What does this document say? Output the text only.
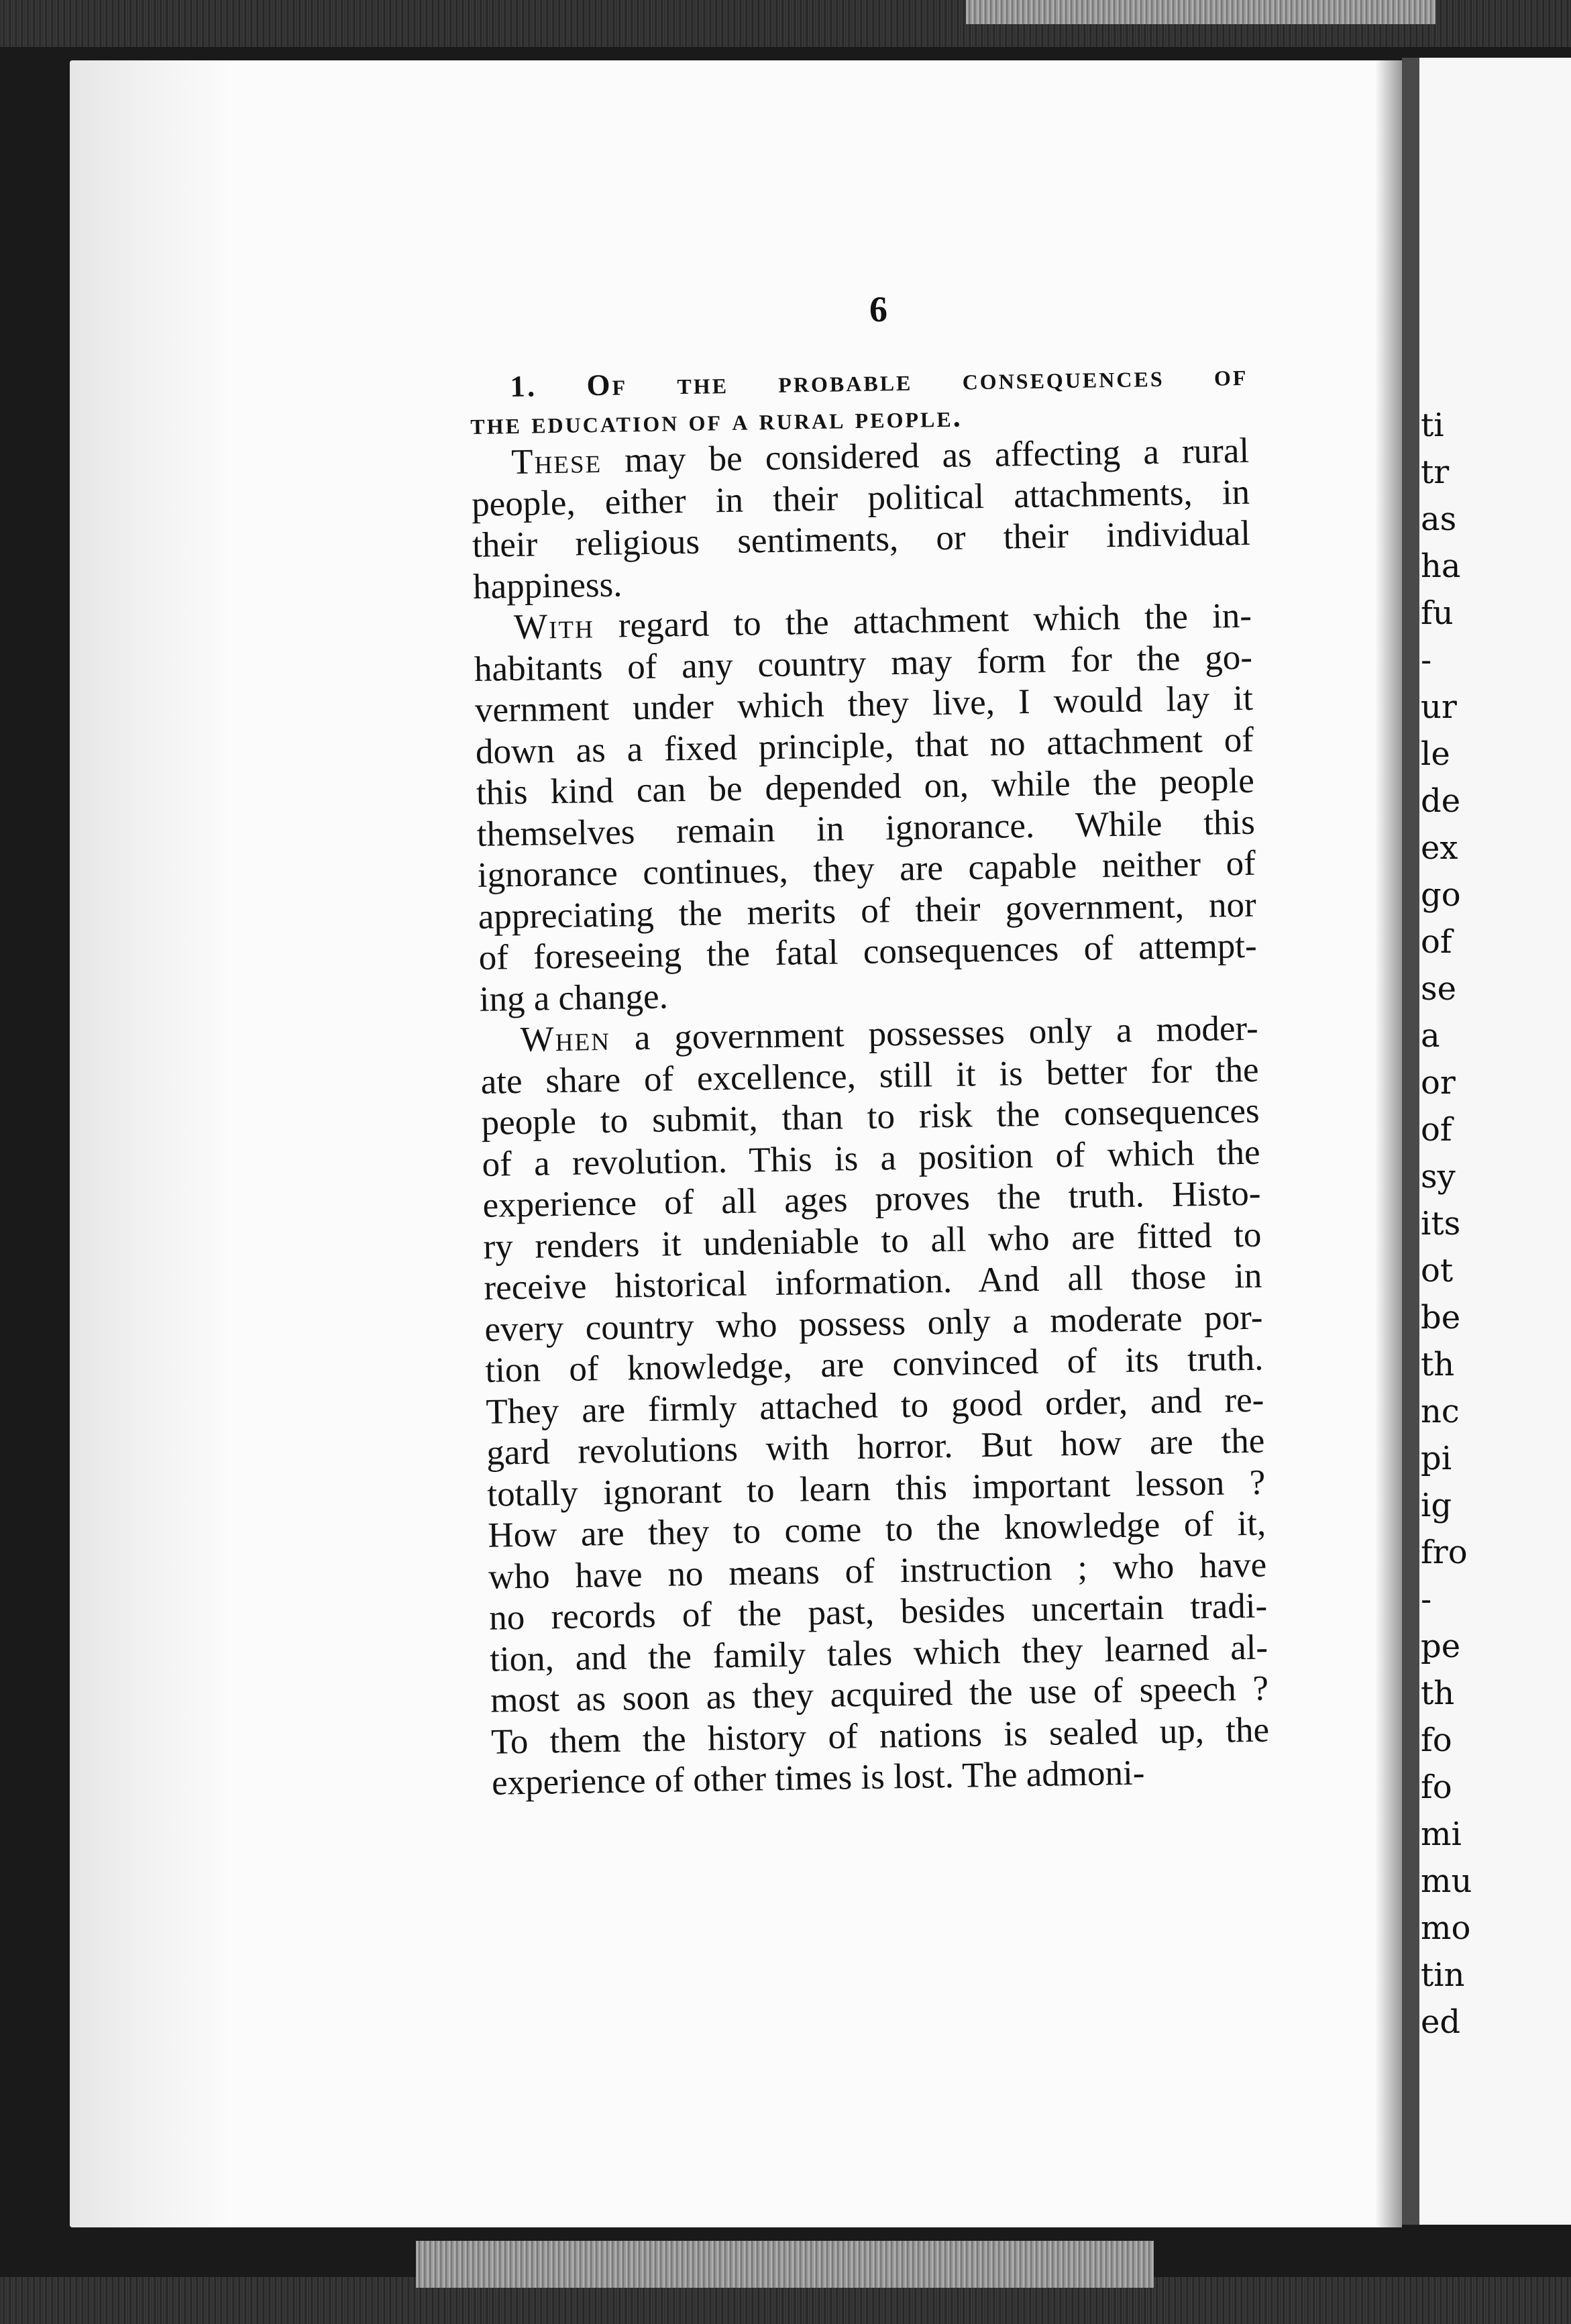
ti
tr
as
ha
fu
-
ur
le
de
ex
go
of
se
a
or
of
sy
its
ot
be
th
nc
pi
ig
fro
-
pe
th
fo
fo
mi
mu
mo
tin
ed
6
1. Of the probable consequences of
the education of a rural people.
These may be considered as affecting a rural
people, either in their political attachments, in
their religious sentiments, or their individual
happiness.
With regard to the attachment which the in-
habitants of any country may form for the go-
vernment under which they live, I would lay it
down as a fixed principle, that no attachment of
this kind can be depended on, while the people
themselves remain in ignorance. While this
ignorance continues, they are capable neither of
appreciating the merits of their government, nor
of foreseeing the fatal consequences of attempt-
ing a change.
When a government possesses only a moder-
ate share of excellence, still it is better for the
people to submit, than to risk the consequences
of a revolution. This is a position of which the
experience of all ages proves the truth. Histo-
ry renders it undeniable to all who are fitted to
receive historical information. And all those in
every country who possess only a moderate por-
tion of knowledge, are convinced of its truth.
They are firmly attached to good order, and re-
gard revolutions with horror. But how are the
totally ignorant to learn this important lesson ?
How are they to come to the knowledge of it,
who have no means of instruction ; who have
no records of the past, besides uncertain tradi-
tion, and the family tales which they learned al-
most as soon as they acquired the use of speech ?
To them the history of nations is sealed up, the
experience of other times is lost. The admoni-
